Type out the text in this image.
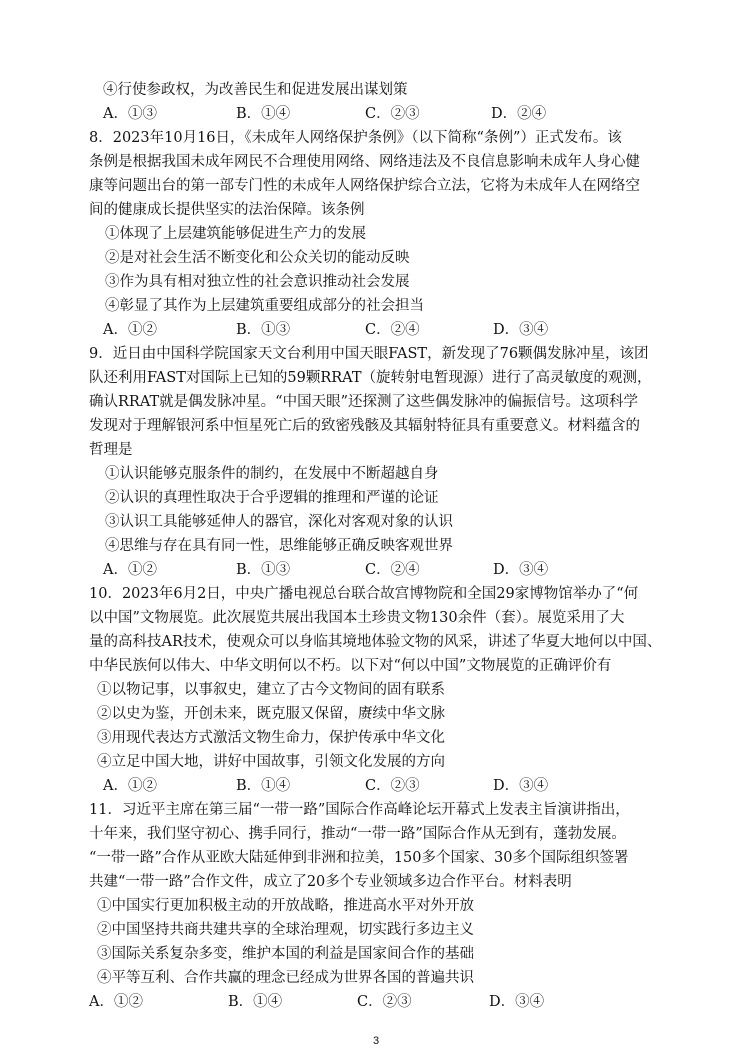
④行使参政权，为改善民生和促进发展出谋划策
A．①③	B．①④	C．②③	D．②④
8．2023年10月16日，《未成年人网络保护条例》（以下简称“条例”）正式发布。该
条例是根据我国未成年网民不合理使用网络、网络违法及不良信息影响未成年人身心健
康等问题出台的第一部专门性的未成年人网络保护综合立法，它将为未成年人在网络空
间的健康成长提供坚实的法治保障。该条例
①体现了上层建筑能够促进生产力的发展
②是对社会生活不断变化和公众关切的能动反映
③作为具有相对独立性的社会意识推动社会发展
④彰显了其作为上层建筑重要组成部分的社会担当
A．①②	B．①③	C．②④	D．③④
9．近日由中国科学院国家天文台利用中国天眼FAST，新发现了76颗偶发脉冲星，该团
队还利用FAST对国际上已知的59颗RRAT（旋转射电暂现源）进行了高灵敏度的观测，
确认RRAT就是偶发脉冲星。“中国天眼”还探测了这些偶发脉冲的偏振信号。这项科学
发现对于理解银河系中恒星死亡后的致密残骸及其辐射特征具有重要意义。材料蕴含的
哲理是
①认识能够克服条件的制约，在发展中不断超越自身
②认识的真理性取决于合乎逻辑的推理和严谨的论证
③认识工具能够延伸人的器官，深化对客观对象的认识
④思维与存在具有同一性，思维能够正确反映客观世界
A．①②	B．①③	C．②④	D．③④
10．2023年6月2日，中央广播电视总台联合故宫博物院和全国29家博物馆举办了“何
以中国”文物展览。此次展览共展出我国本土珍贵文物130余件（套）。展览采用了大
量的高科技AR技术，使观众可以身临其境地体验文物的风采，讲述了华夏大地何以中国、
中华民族何以伟大、中华文明何以不朽。以下对“何以中国”文物展览的正确评价有
①以物记事，以事叙史，建立了古今文物间的固有联系
②以史为鉴，开创未来，既克服又保留，赓续中华文脉
③用现代表达方式激活文物生命力，保护传承中华文化
④立足中国大地，讲好中国故事，引领文化发展的方向
A．①②	B．①④	C．②③	D．③④
11．习近平主席在第三届“一带一路”国际合作高峰论坛开幕式上发表主旨演讲指出，
十年来，我们坚守初心、携手同行，推动“一带一路”国际合作从无到有，蓬勃发展。
“一带一路”合作从亚欧大陆延伸到非洲和拉美，150多个国家、30多个国际组织签署
共建“一带一路”合作文件，成立了20多个专业领域多边合作平台。材料表明
①中国实行更加积极主动的开放战略，推进高水平对外开放
②中国坚持共商共建共享的全球治理观，切实践行多边主义
③国际关系复杂多变，维护本国的利益是国家间合作的基础
④平等互利、合作共赢的理念已经成为世界各国的普遍共识
A．①②	B．①④	C．②③	D．③④
3
